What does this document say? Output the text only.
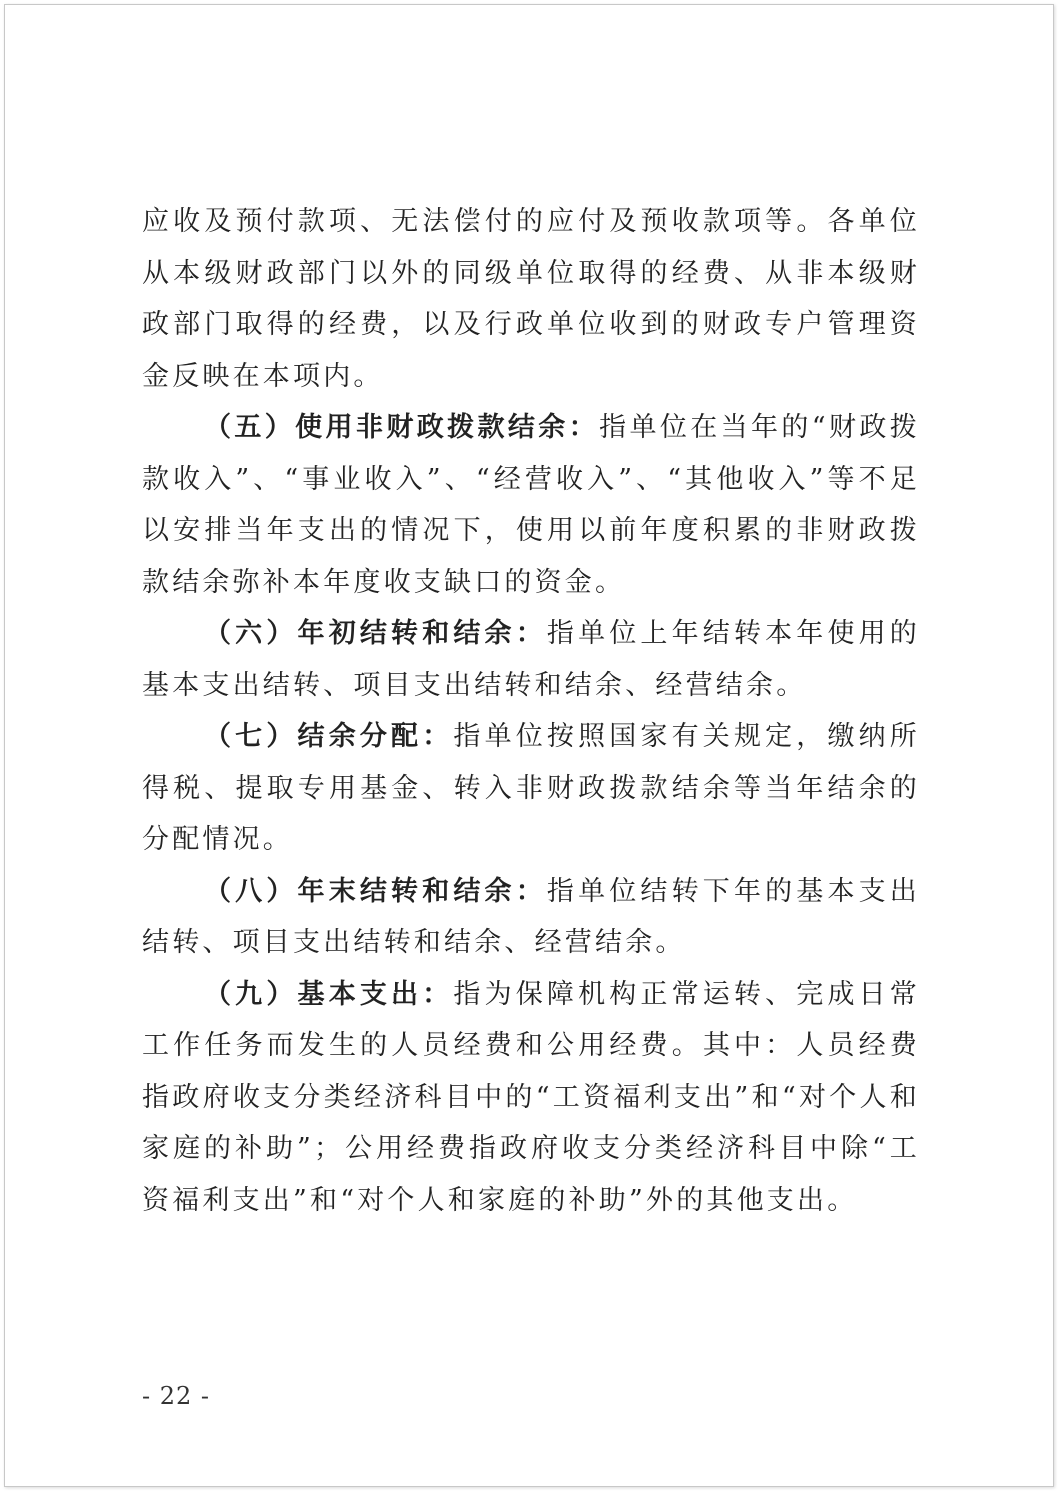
应收及预付款项、无法偿付的应付及预收款项等。各单位从本级财政部门以外的同级单位取得的经费、从非本级财政部门取得的经费，以及行政单位收到的财政专户管理资金反映在本项内。

（五）使用非财政拨款结余：指单位在当年的“财政拨款收入”、“事业收入”、“经营收入”、“其他收入”等不足以安排当年支出的情况下，使用以前年度积累的非财政拨款结余弥补本年度收支缺口的资金。

（六）年初结转和结余：指单位上年结转本年使用的基本支出结转、项目支出结转和结余、经营结余。

（七）结余分配：指单位按照国家有关规定，缴纳所得税、提取专用基金、转入非财政拨款结余等当年结余的分配情况。

（八）年末结转和结余：指单位结转下年的基本支出结转、项目支出结转和结余、经营结余。

（九）基本支出：指为保障机构正常运转、完成日常工作任务而发生的人员经费和公用经费。其中：人员经费指政府收支分类经济科目中的“工资福利支出”和“对个人和家庭的补助”；公用经费指政府收支分类经济科目中除“工资福利支出”和“对个人和家庭的补助”外的其他支出。

- 22 -
